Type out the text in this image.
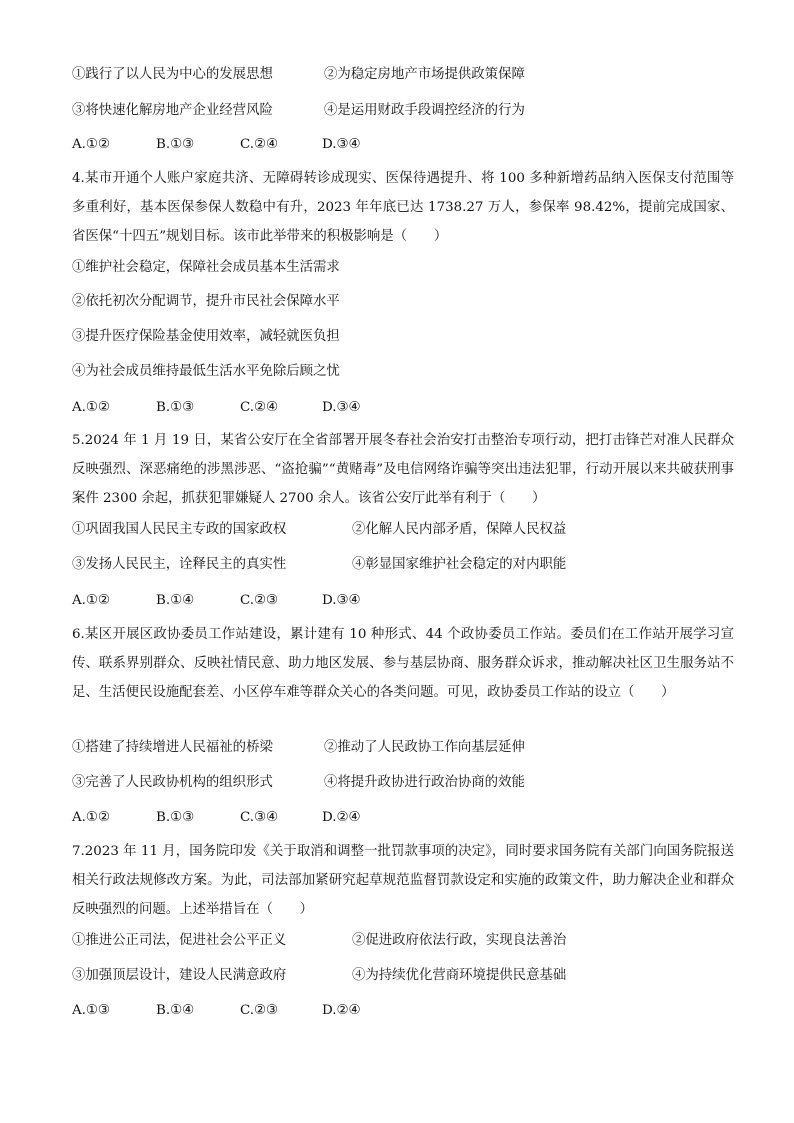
①践行了以人民为中心的发展思想	②为稳定房地产市场提供政策保障
③将快速化解房地产企业经营风险	④是运用财政手段调控经济的行为
A.①②	B.①③	C.②④	D.③④
4.某市开通个人账户家庭共济、无障碍转诊成现实、医保待遇提升、将 100 多种新增药品纳入医保支付范围等多重利好，基本医保参保人数稳中有升，2023 年年底已达 1738.27 万人，参保率 98.42%，提前完成国家、省医保“十四五”规划目标。该市此举带来的积极影响是（　　）
①维护社会稳定，保障社会成员基本生活需求
②依托初次分配调节，提升市民社会保障水平
③提升医疗保险基金使用效率，减轻就医负担
④为社会成员维持最低生活水平免除后顾之忧
A.①②	B.①③	C.②④	D.③④
5.2024 年 1 月 19 日，某省公安厅在全省部署开展冬春社会治安打击整治专项行动，把打击锋芒对准人民群众反映强烈、深恶痛绝的涉黑涉恶、“盗抢骗”“黄赌毒”及电信网络诈骗等突出违法犯罪，行动开展以来共破获刑事案件 2300 余起，抓获犯罪嫌疑人 2700 余人。该省公安厅此举有利于（　　）
①巩固我国人民民主专政的国家政权	②化解人民内部矛盾，保障人民权益
③发扬人民民主，诠释民主的真实性	④彰显国家维护社会稳定的对内职能
A.①②	B.①④	C.②③	D.③④
6.某区开展区政协委员工作站建设，累计建有 10 种形式、44 个政协委员工作站。委员们在工作站开展学习宣传、联系界别群众、反映社情民意、助力地区发展、参与基层协商、服务群众诉求，推动解决社区卫生服务站不足、生活便民设施配套差、小区停车难等群众关心的各类问题。可见，政协委员工作站的设立（　　）
①搭建了持续增进人民福祉的桥梁	②推动了人民政协工作向基层延伸
③完善了人民政协机构的组织形式	④将提升政协进行政治协商的效能
A.①②	B.①③	C.③④	D.②④
7.2023 年 11 月，国务院印发《关于取消和调整一批罚款事项的决定》，同时要求国务院有关部门向国务院报送相关行政法规修改方案。为此，司法部加紧研究起草规范监督罚款设定和实施的政策文件，助力解决企业和群众反映强烈的问题。上述举措旨在（　　）
①推进公正司法，促进社会公平正义	②促进政府依法行政，实现良法善治
③加强顶层设计，建设人民满意政府	④为持续优化营商环境提供民意基础
A.①③	B.①④	C.②③	D.②④
